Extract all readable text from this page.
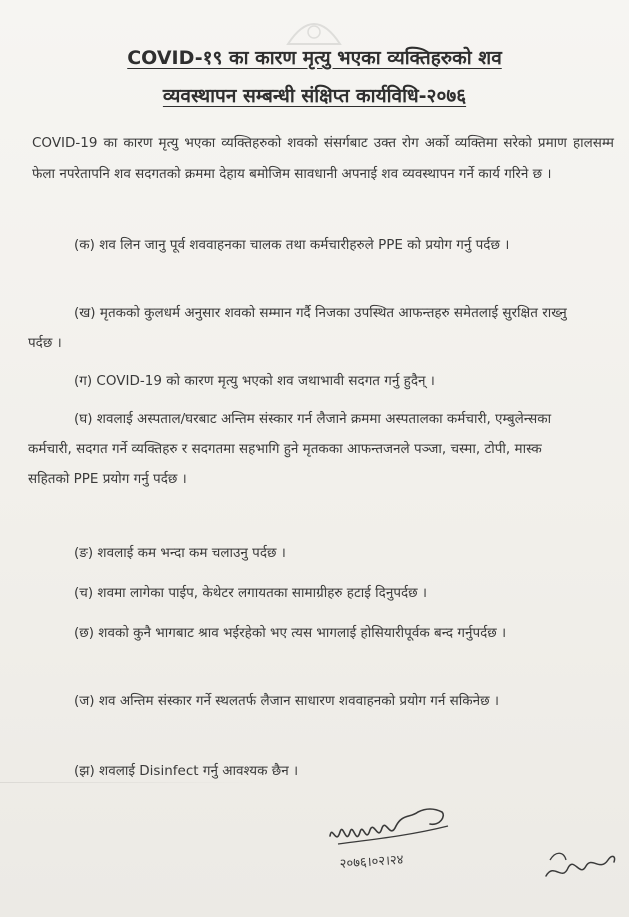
COVID-१९ का कारण मृत्यु भएका व्यक्तिहरुको शव
व्यवस्थापन सम्बन्धी संक्षिप्त कार्यविधि-२०७६
COVID-19 का कारण मृत्यु भएका व्यक्तिहरुको शवको संसर्गबाट उक्त रोग अर्को व्यक्तिमा सरेको प्रमाण हालसम्म फेला नपरेतापनि शव सदगतको क्रममा देहाय बमोजिम सावधानी अपनाई शव व्यवस्थापन गर्ने कार्य गरिने छ ।
(क) शव लिन जानु पूर्व शववाहनका चालक तथा कर्मचारीहरुले PPE को प्रयोग गर्नु पर्दछ ।
(ख) मृतकको कुलधर्म अनुसार शवको सम्मान गर्दै निजका उपस्थित आफन्तहरु समेतलाई सुरक्षित राख्नु पर्दछ ।
(ग) COVID-19 को कारण मृत्यु भएको शव जथाभावी सदगत गर्नु हुदैन् ।
(घ) शवलाई अस्पताल/घरबाट अन्तिम संस्कार गर्न लैजाने क्रममा अस्पतालका कर्मचारी, एम्बुलेन्सका कर्मचारी, सदगत गर्ने व्यक्तिहरु र सदगतमा सहभागि हुने मृतकका आफन्तजनले पञ्जा, चस्मा, टोपी, मास्क सहितको PPE प्रयोग गर्नु पर्दछ ।
(ङ) शवलाई कम भन्दा कम चलाउनु पर्दछ ।
(च) शवमा लागेका पाईप, केथेटर लगायतका सामाग्रीहरु हटाई दिनुपर्दछ ।
(छ) शवको कुनै भागबाट श्राव भईरहेको भए त्यस भागलाई होसियारीपूर्वक बन्द गर्नुपर्दछ ।
(ज) शव अन्तिम संस्कार गर्ने स्थलतर्फ लैजान साधारण शववाहनको प्रयोग गर्न सकिनेछ ।
(झ) शवलाई Disinfect गर्नु आवश्यक छैन ।
२०७६।०२।२४
